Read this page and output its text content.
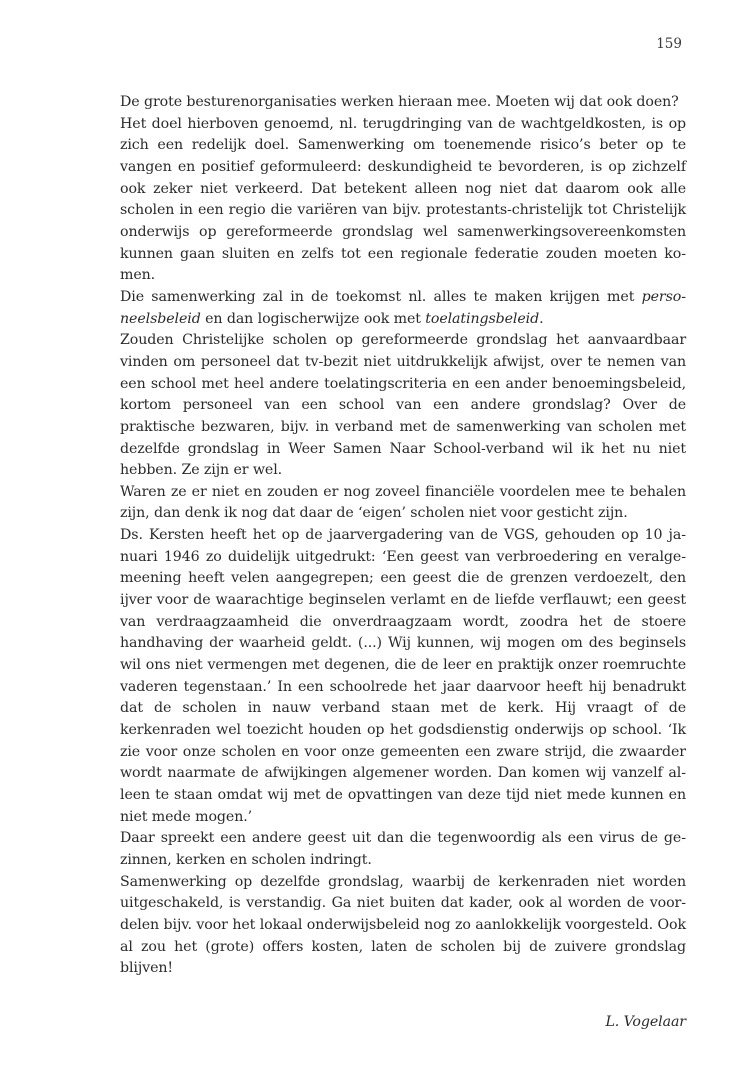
159

De grote besturenorganisaties werken hieraan mee. Moeten wij dat ook doen?

Het doel hierboven genoemd, nl. terugdringing van de wachtgeldkosten, is op zich een redelijk doel. Samenwerking om toenemende risico’s beter op te vangen en positief geformuleerd: deskundigheid te bevorderen, is op zichzelf ook zeker niet verkeerd. Dat betekent alleen nog niet dat daarom ook alle scholen in een regio die variëren van bijv. protestants-christelijk tot Christelijk onderwijs op gereformeerde grondslag wel samenwerkingsovereenkomsten kunnen gaan sluiten en zelfs tot een regionale federatie zouden moeten komen.

Die samenwerking zal in de toekomst nl. alles te maken krijgen met personeelsbeleid en dan logischerwijze ook met toelatingsbeleid.

Zouden Christelijke scholen op gereformeerde grondslag het aanvaardbaar vinden om personeel dat tv-bezit niet uitdrukkelijk afwijst, over te nemen van een school met heel andere toelatingscriteria en een ander benoemingsbeleid, kortom personeel van een school van een andere grondslag? Over de praktische bezwaren, bijv. in verband met de samenwerking van scholen met dezelfde grondslag in Weer Samen Naar School-verband wil ik het nu niet hebben. Ze zijn er wel.

Waren ze er niet en zouden er nog zoveel financiële voordelen mee te behalen zijn, dan denk ik nog dat daar de ‘eigen’ scholen niet voor gesticht zijn.

Ds. Kersten heeft het op de jaarvergadering van de VGS, gehouden op 10 januari 1946 zo duidelijk uitgedrukt: ‘Een geest van verbroedering en veralgemeening heeft velen aangegrepen; een geest die de grenzen verdoezelt, den ijver voor de waarachtige beginselen verlamt en de liefde verflauwt; een geest van verdraagzaamheid die onverdraagzaam wordt, zoodra het de stoere handhaving der waarheid geldt. (...) Wij kunnen, wij mogen om des beginsels wil ons niet vermengen met degenen, die de leer en praktijk onzer roemruchte vaderen tegenstaan.’ In een schoolrede het jaar daarvoor heeft hij benadrukt dat de scholen in nauw verband staan met de kerk. Hij vraagt of de kerkenraden wel toezicht houden op het godsdienstig onderwijs op school. ‘Ik zie voor onze scholen en voor onze gemeenten een zware strijd, die zwaarder wordt naarmate de afwijkingen algemener worden. Dan komen wij vanzelf alleen te staan omdat wij met de opvattingen van deze tijd niet mede kunnen en niet mede mogen.’

Daar spreekt een andere geest uit dan die tegenwoordig als een virus de gezinnen, kerken en scholen indringt.

Samenwerking op dezelfde grondslag, waarbij de kerkenraden niet worden uitgeschakeld, is verstandig. Ga niet buiten dat kader, ook al worden de voordelen bijv. voor het lokaal onderwijsbeleid nog zo aanlokkelijk voorgesteld. Ook al zou het (grote) offers kosten, laten de scholen bij de zuivere grondslag blijven!

L. Vogelaar
